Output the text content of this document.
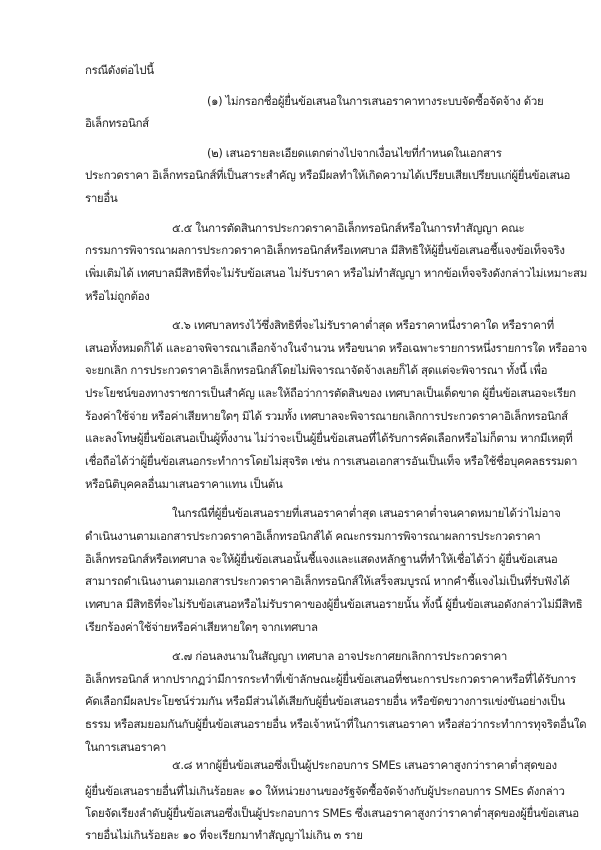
กรณีดังต่อไปนี้

(๑) ไม่กรอกชื่อผู้ยื่นข้อเสนอในการเสนอราคาทางระบบจัดซื้อจัดจ้าง ด้วย

อิเล็กทรอนิกส์

(๒) เสนอรายละเอียดแตกต่างไปจากเงื่อนไขที่กำหนดในเอกสาร

ประกวดราคา อิเล็กทรอนิกส์ที่เป็นสาระสำคัญ หรือมีผลทำให้เกิดความได้เปรียบเสียเปรียบแก่ผู้ยื่นข้อเสนอ

รายอื่น

๕.๕ ในการตัดสินการประกวดราคาอิเล็กทรอนิกส์หรือในการทำสัญญา คณะ

กรรมการพิจารณาผลการประกวดราคาอิเล็กทรอนิกส์หรือเทศบาล มีสิทธิให้ผู้ยื่นข้อเสนอชี้แจงข้อเท็จจริง

เพิ่มเติมได้ เทศบาลมีสิทธิที่จะไม่รับข้อเสนอ ไม่รับราคา หรือไม่ทำสัญญา หากข้อเท็จจริงดังกล่าวไม่เหมาะสม

หรือไม่ถูกต้อง

๕.๖ เทศบาลทรงไว้ซึ่งสิทธิที่จะไม่รับราคาต่ำสุด หรือราคาหนึ่งราคาใด หรือราคาที่

เสนอทั้งหมดก็ได้ และอาจพิจารณาเลือกจ้างในจำนวน หรือขนาด หรือเฉพาะรายการหนึ่งรายการใด หรืออาจ

จะยกเลิก การประกวดราคาอิเล็กทรอนิกส์โดยไม่พิจารณาจัดจ้างเลยก็ได้ สุดแต่จะพิจารณา ทั้งนี้ เพื่อ

ประโยชน์ของทางราชการเป็นสำคัญ และให้ถือว่าการตัดสินของ เทศบาลเป็นเด็ดขาด ผู้ยื่นข้อเสนอจะเรียก

ร้องค่าใช้จ่าย หรือค่าเสียหายใดๆ มิได้ รวมทั้ง เทศบาลจะพิจารณายกเลิกการประกวดราคาอิเล็กทรอนิกส์

และลงโทษผู้ยื่นข้อเสนอเป็นผู้ทิ้งงาน ไม่ว่าจะเป็นผู้ยื่นข้อเสนอที่ได้รับการคัดเลือกหรือไม่ก็ตาม หากมีเหตุที่

เชื่อถือได้ว่าผู้ยื่นข้อเสนอกระทำการโดยไม่สุจริต เช่น การเสนอเอกสารอันเป็นเท็จ หรือใช้ชื่อบุคคลธรรมดา

หรือนิติบุคคลอื่นมาเสนอราคาแทน เป็นต้น

ในกรณีที่ผู้ยื่นข้อเสนอรายที่เสนอราคาต่ำสุด เสนอราคาต่ำจนคาดหมายได้ว่าไม่อาจ

ดำเนินงานตามเอกสารประกวดราคาอิเล็กทรอนิกส์ได้ คณะกรรมการพิจารณาผลการประกวดราคา

อิเล็กทรอนิกส์หรือเทศบาล จะให้ผู้ยื่นข้อเสนอนั้นชี้แจงและแสดงหลักฐานที่ทำให้เชื่อได้ว่า ผู้ยื่นข้อเสนอ

สามารถดำเนินงานตามเอกสารประกวดราคาอิเล็กทรอนิกส์ให้เสร็จสมบูรณ์ หากคำชี้แจงไม่เป็นที่รับฟังได้

เทศบาล มีสิทธิที่จะไม่รับข้อเสนอหรือไม่รับราคาของผู้ยื่นข้อเสนอรายนั้น ทั้งนี้ ผู้ยื่นข้อเสนอดังกล่าวไม่มีสิทธิ

เรียกร้องค่าใช้จ่ายหรือค่าเสียหายใดๆ จากเทศบาล

๕.๗ ก่อนลงนามในสัญญา เทศบาล อาจประกาศยกเลิกการประกวดราคา

อิเล็กทรอนิกส์ หากปรากฏว่ามีการกระทำที่เข้าลักษณะผู้ยื่นข้อเสนอที่ชนะการประกวดราคาหรือที่ได้รับการ

คัดเลือกมีผลประโยชน์ร่วมกัน หรือมีส่วนได้เสียกับผู้ยื่นข้อเสนอรายอื่น หรือขัดขวางการแข่งขันอย่างเป็น

ธรรม หรือสมยอมกันกับผู้ยื่นข้อเสนอรายอื่น หรือเจ้าหน้าที่ในการเสนอราคา หรือส่อว่ากระทำการทุจริตอื่นใด

ในการเสนอราคา

๕.๘ หากผู้ยื่นข้อเสนอซึ่งเป็นผู้ประกอบการ SMEs เสนอราคาสูงกว่าราคาต่ำสุดของ

ผู้ยื่นข้อเสนอรายอื่นที่ไม่เกินร้อยละ ๑๐ ให้หน่วยงานของรัฐจัดซื้อจัดจ้างกับผู้ประกอบการ SMEs ดังกล่าว

โดยจัดเรียงลำดับผู้ยื่นข้อเสนอซึ่งเป็นผู้ประกอบการ SMEs ซึ่งเสนอราคาสูงกว่าราคาต่ำสุดของผู้ยื่นข้อเสนอ

รายอื่นไม่เกินร้อยละ ๑๐ ที่จะเรียกมาทำสัญญาไม่เกิน ๓ ราย
